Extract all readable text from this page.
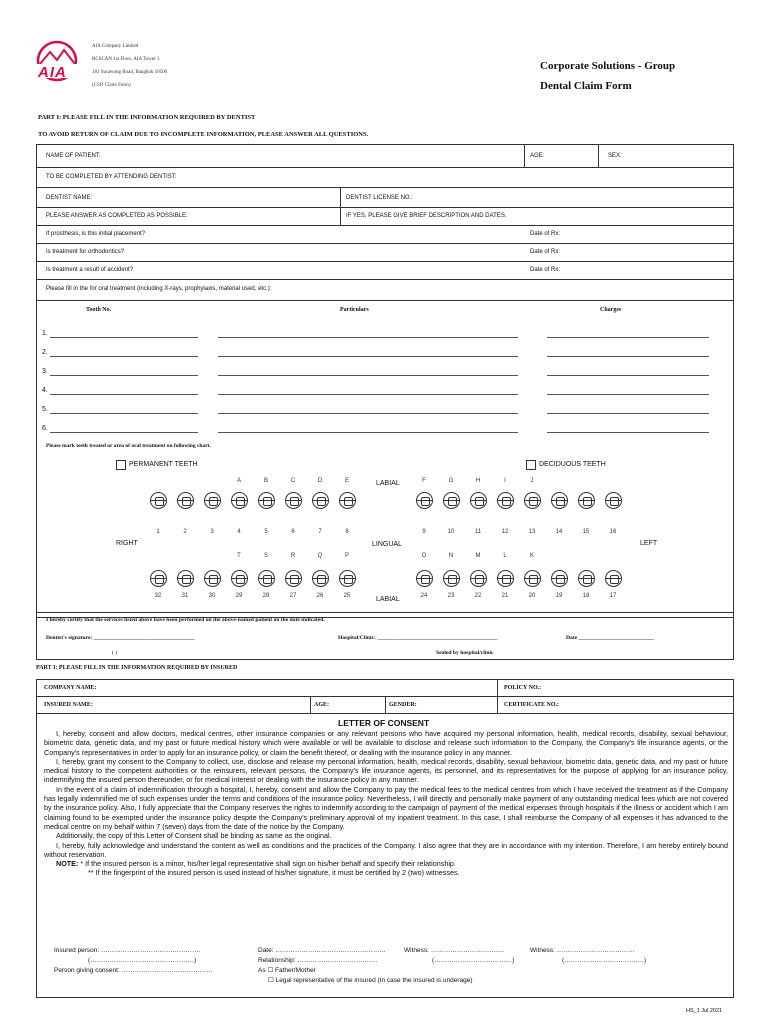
AIA
AIA Company Limited
RCSCAN 1st Floor, AIA Tower 1
181 Surawong Road, Bangkok 10500
(CSO Claim Form)
Corporate Solutions - Group
Dental Claim Form
PART I: PLEASE FILL IN THE INFORMATION REQUIRED BY DENTIST
TO AVOID RETURN OF CLAIM DUE TO INCOMPLETE INFORMATION, PLEASE ANSWER ALL QUESTIONS.
NAME OF PATIENT:	AGE:	SEX:
TO BE COMPLETED BY ATTENDING DENTIST:
DENTIST NAME:	DENTIST LICENSE NO.:
PLEASE ANSWER AS COMPLETED AS POSSIBLE.	IF YES, PLEASE GIVE BRIEF DESCRIPTION AND DATES.
If prosthesis, is this initial placement?	Date of Rx:
Is treatment for orthodontics?	Date of Rx:
Is treatment a result of accident?	Date of Rx:
Please fill in the for oral treatment (including X-rays, prophylaxis, material used, etc.):
Tooth No.	Particulars	Charges
1.
2.
3.
4.
5.
6.
Please mark teeth treated or area of oral treatment on following chart.
PERMANENT TEETH	DECIDUOUS TEETH
LABIAL
LINGUAL
RIGHT	LEFT
LABIAL
1	2	3	4	5	6	7	8	9	10	11	12	13	14	15	16
A	B	C	D	E	F	G	H	I	J
32	31	30	29	28	27	26	25	24	23	22	21	20	19	18	17
T	S	R	Q	P	O	N	M	L	K
I hereby certify that the services listed above have been performed on the above-named patient on the date indicated.
Dentist's signature: ____________________________________	Hospital/Clinic: ___________________________________________	Date ___________________________
( )	Sealed by hospital/clinic
PART I: PLEASE FILL IN THE INFORMATION REQUIRED BY INSURED
COMPANY NAME:	POLICY NO.:
INSURED NAME:	AGE:	GENDER:	CERTIFICATE NO.:
LETTER OF CONSENT
I, hereby, consent and allow doctors, medical centres, other insurance companies or any relevant persons who have acquired my personal information, health, medical records, disability, sexual behaviour, biometric data, genetic data, and my past or future medical history which were available or will be available to disclose and release such information to the Company, the Company's life insurance agents, or the Company's representatives in order to apply for an insurance policy, or claim the benefit thereof, or dealing with the insurance policy in any manner.
I, hereby, grant my consent to the Company to collect, use, disclose and release my personal information, health, medical records, disability, sexual behaviour, biometric data, genetic data, and my past or future medical history to the competent authorities or the reinsurers, relevant persons, the Company's life insurance agents, its personnel, and its representatives for the purpose of applying for an insurance policy, indemnifying the insured person thereunder, or for medical interest or dealing with the insurance policy in any manner.
In the event of a claim of indemnification through a hospital, I, hereby, consent and allow the Company to pay the medical fees to the medical centres from which I have received the treatment as if the Company has legally indemnified me of such expenses under the terms and conditions of the insurance policy. Nevertheless, I will directly and personally make payment of any outstanding medical fees which are not covered by the insurance policy. Also, I fully appreciate that the Company reserves the rights to indemnify according to the campaign of payment of the medical expenses through hospitals if the illness or accident which I am claiming found to be exempted under the insurance policy despite the Company's preliminary approval of my inpatient treatment. In this case, I shall reimburse the Company of all expenses it has advanced to the medical centre on my behalf within 7 (seven) days from the date of the notice by the Company.
Additionally, the copy of this Letter of Consent shall be binding as same as the original.
I, hereby, fully acknowledge and understand the content as well as conditions and the practices of the Company. I also agree that they are in accordance with my intention. Therefore, I am hereby entirely bound without reservation.
NOTE: * If the insured person is a minor, his/her legal representative shall sign on his/her behalf and specify their relationship.
** If the fingerprint of the insured person is used instead of his/her signature, it must be certified by 2 (two) witnesses.
Insured person: ……………………………………….
(…………………………………………)
Person giving consent: ……………………………………
Date: ……………………………………………
Relationship: ……………………………….
As ☐ Father/Mother
☐ Legal representative of the insured (In case the insured is underage)
Witness: …………………………….
(………………………………)
Witness: ………………………………
(……………………………….)
HS_1 Jul 2021
